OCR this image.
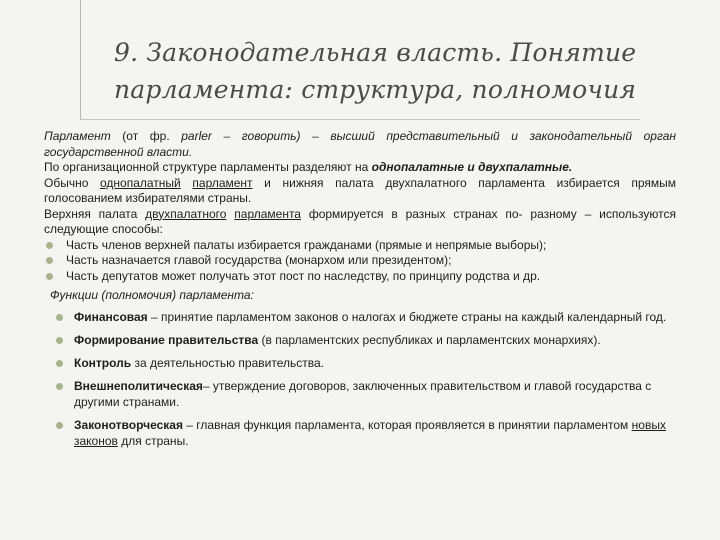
9. Законодательная власть. Понятие парламента: структура, полномочия

Парламент (от фр. parler – говорить) – высший представительный и законодательный орган государственной власти.

По организационной структуре парламенты разделяют на однопалатные и двухпалатные.

Обычно однопалатный парламент и нижняя палата двухпалатного парламента избирается прямым голосованием избирателями страны.

Верхняя палата двухпалатного парламента формируется в разных странах по- разному – используются следующие способы:

Часть членов верхней палаты избирается гражданами (прямые и непрямые выборы);
Часть назначается главой государства (монархом или президентом);
Часть депутатов может получать этот пост по наследству, по принципу родства и др.

Функции (полномочия) парламента:

Финансовая – принятие парламентом законов о налогах и бюджете страны на каждый календарный год.
Формирование правительства (в парламентских республиках и парламентских монархиях).
Контроль за деятельностью правительства.
Внешнеполитическая– утверждение договоров, заключенных правительством и главой государства с другими странами.
Законотворческая – главная функция парламента, которая проявляется в принятии парламентом новых законов для страны.
